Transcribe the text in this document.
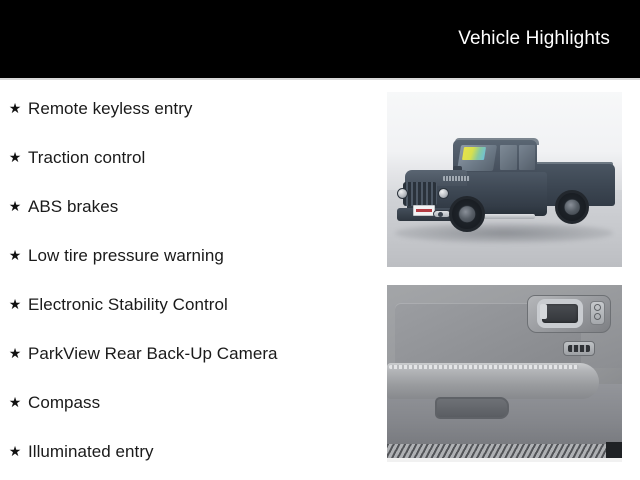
Vehicle Highlights
★ Remote keyless entry
★ Traction control
★ ABS brakes
★ Low tire pressure warning
★ Electronic Stability Control
★ ParkView Rear Back-Up Camera
★ Compass
★ Illuminated entry
